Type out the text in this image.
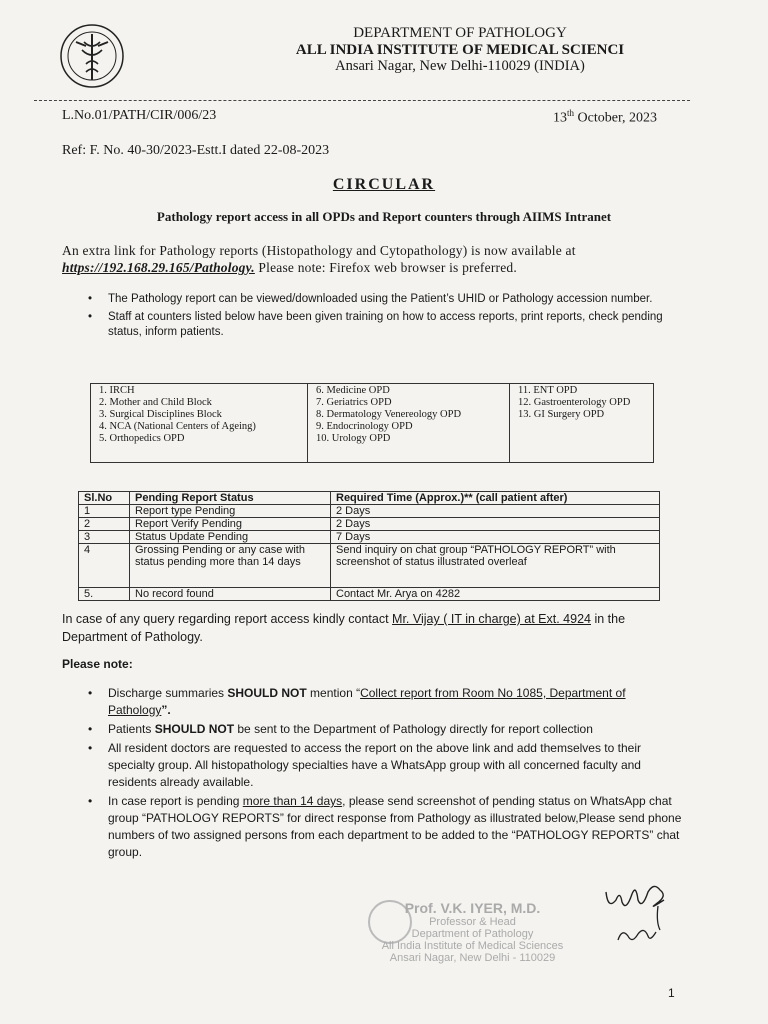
DEPARTMENT OF PATHOLOGY
ALL INDIA INSTITUTE OF MEDICAL SCIENCI
Ansari Nagar, New Delhi-110029 (INDIA)
L.No.01/PATH/CIR/006/23	13th October, 2023
Ref: F. No. 40-30/2023-Estt.I dated 22-08-2023
CIRCULAR
Pathology report access in all OPDs and Report counters through AIIMS Intranet
An extra link for Pathology reports (Histopathology and Cytopathology) is now available at
https://192.168.29.165/Pathology. Please note: Firefox web browser is preferred.
• The Pathology report can be viewed/downloaded using the Patient’s UHID or Pathology accession number.
• Staff at counters listed below have been given training on how to access reports, print reports, check pending status, inform patients.
1. IRCH
2. Mother and Child Block
3. Surgical Disciplines Block
4. NCA (National Centers of Ageing)
5. Orthopedics OPD

6. Medicine OPD
7. Geriatrics OPD
8. Dermatology Venereology OPD
9. Endocrinology OPD
10. Urology OPD

11. ENT OPD
12. Gastroenterology OPD
13. GI Surgery OPD
Sl.No	Pending Report Status	Required Time (Approx.)** (call patient after)
1	Report type Pending	2 Days
2	Report Verify Pending	2 Days
3	Status Update Pending	7 Days
4	Grossing Pending or any case with status pending more than 14 days	Send inquiry on chat group “PATHOLOGY REPORT” with screenshot of status illustrated overleaf
5.	No record found	Contact Mr. Arya on 4282
In case of any query regarding report access kindly contact Mr. Vijay ( IT in charge) at Ext. 4924 in the
Department of Pathology.
Please note:
• Discharge summaries SHOULD NOT mention “Collect report from Room No 1085, Department of Pathology”.
• Patients SHOULD NOT be sent to the Department of Pathology directly for report collection
• All resident doctors are requested to access the report on the above link and add themselves to their specialty group. All histopathology specialties have a WhatsApp group with all concerned faculty and residents already available.
• In case report is pending more than 14 days, please send screenshot of pending status on WhatsApp chat group “PATHOLOGY REPORTS” for direct response from Pathology as illustrated below,Please send phone numbers of two assigned persons from each department to be added to the “PATHOLOGY REPORTS” chat group.
Prof. V.K. IYER, M.D.
Professor & Head
Department of Pathology
All India Institute of Medical Sciences
Ansari Nagar, New Delhi - 110029
1
